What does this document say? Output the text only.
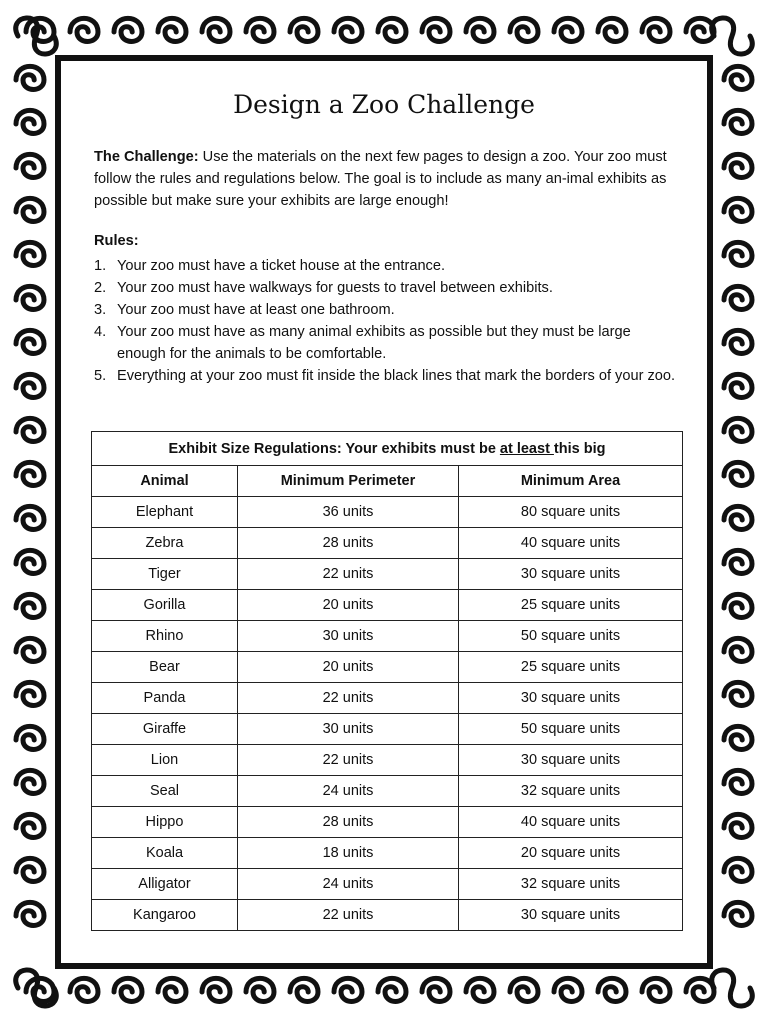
Design a Zoo Challenge
The Challenge: Use the materials on the next few pages to design a zoo. Your zoo must follow the rules and regulations below. The goal is to include as many an-imal exhibits as possible but make sure your exhibits are large enough!
Rules:
1. Your zoo must have a ticket house at the entrance.
2. Your zoo must have walkways for guests to travel between exhibits.
3. Your zoo must have at least one bathroom.
4. Your zoo must have as many animal exhibits as possible but they must be large enough for the animals to be comfortable.
5. Everything at your zoo must fit inside the black lines that mark the borders of your zoo.
Exhibit Size Regulations: Your exhibits must be at least this big		
Animal	Minimum Perimeter	Minimum Area
Elephant	36 units	80 square units
Zebra	28 units	40 square units
Tiger	22 units	30 square units
Gorilla	20 units	25 square units
Rhino	30 units	50 square units
Bear	20 units	25 square units
Panda	22 units	30 square units
Giraffe	30 units	50 square units
Lion	22 units	30 square units
Seal	24 units	32 square units
Hippo	28 units	40 square units
Koala	18 units	20 square units
Alligator	24 units	32 square units
Kangaroo	22 units	30 square units
